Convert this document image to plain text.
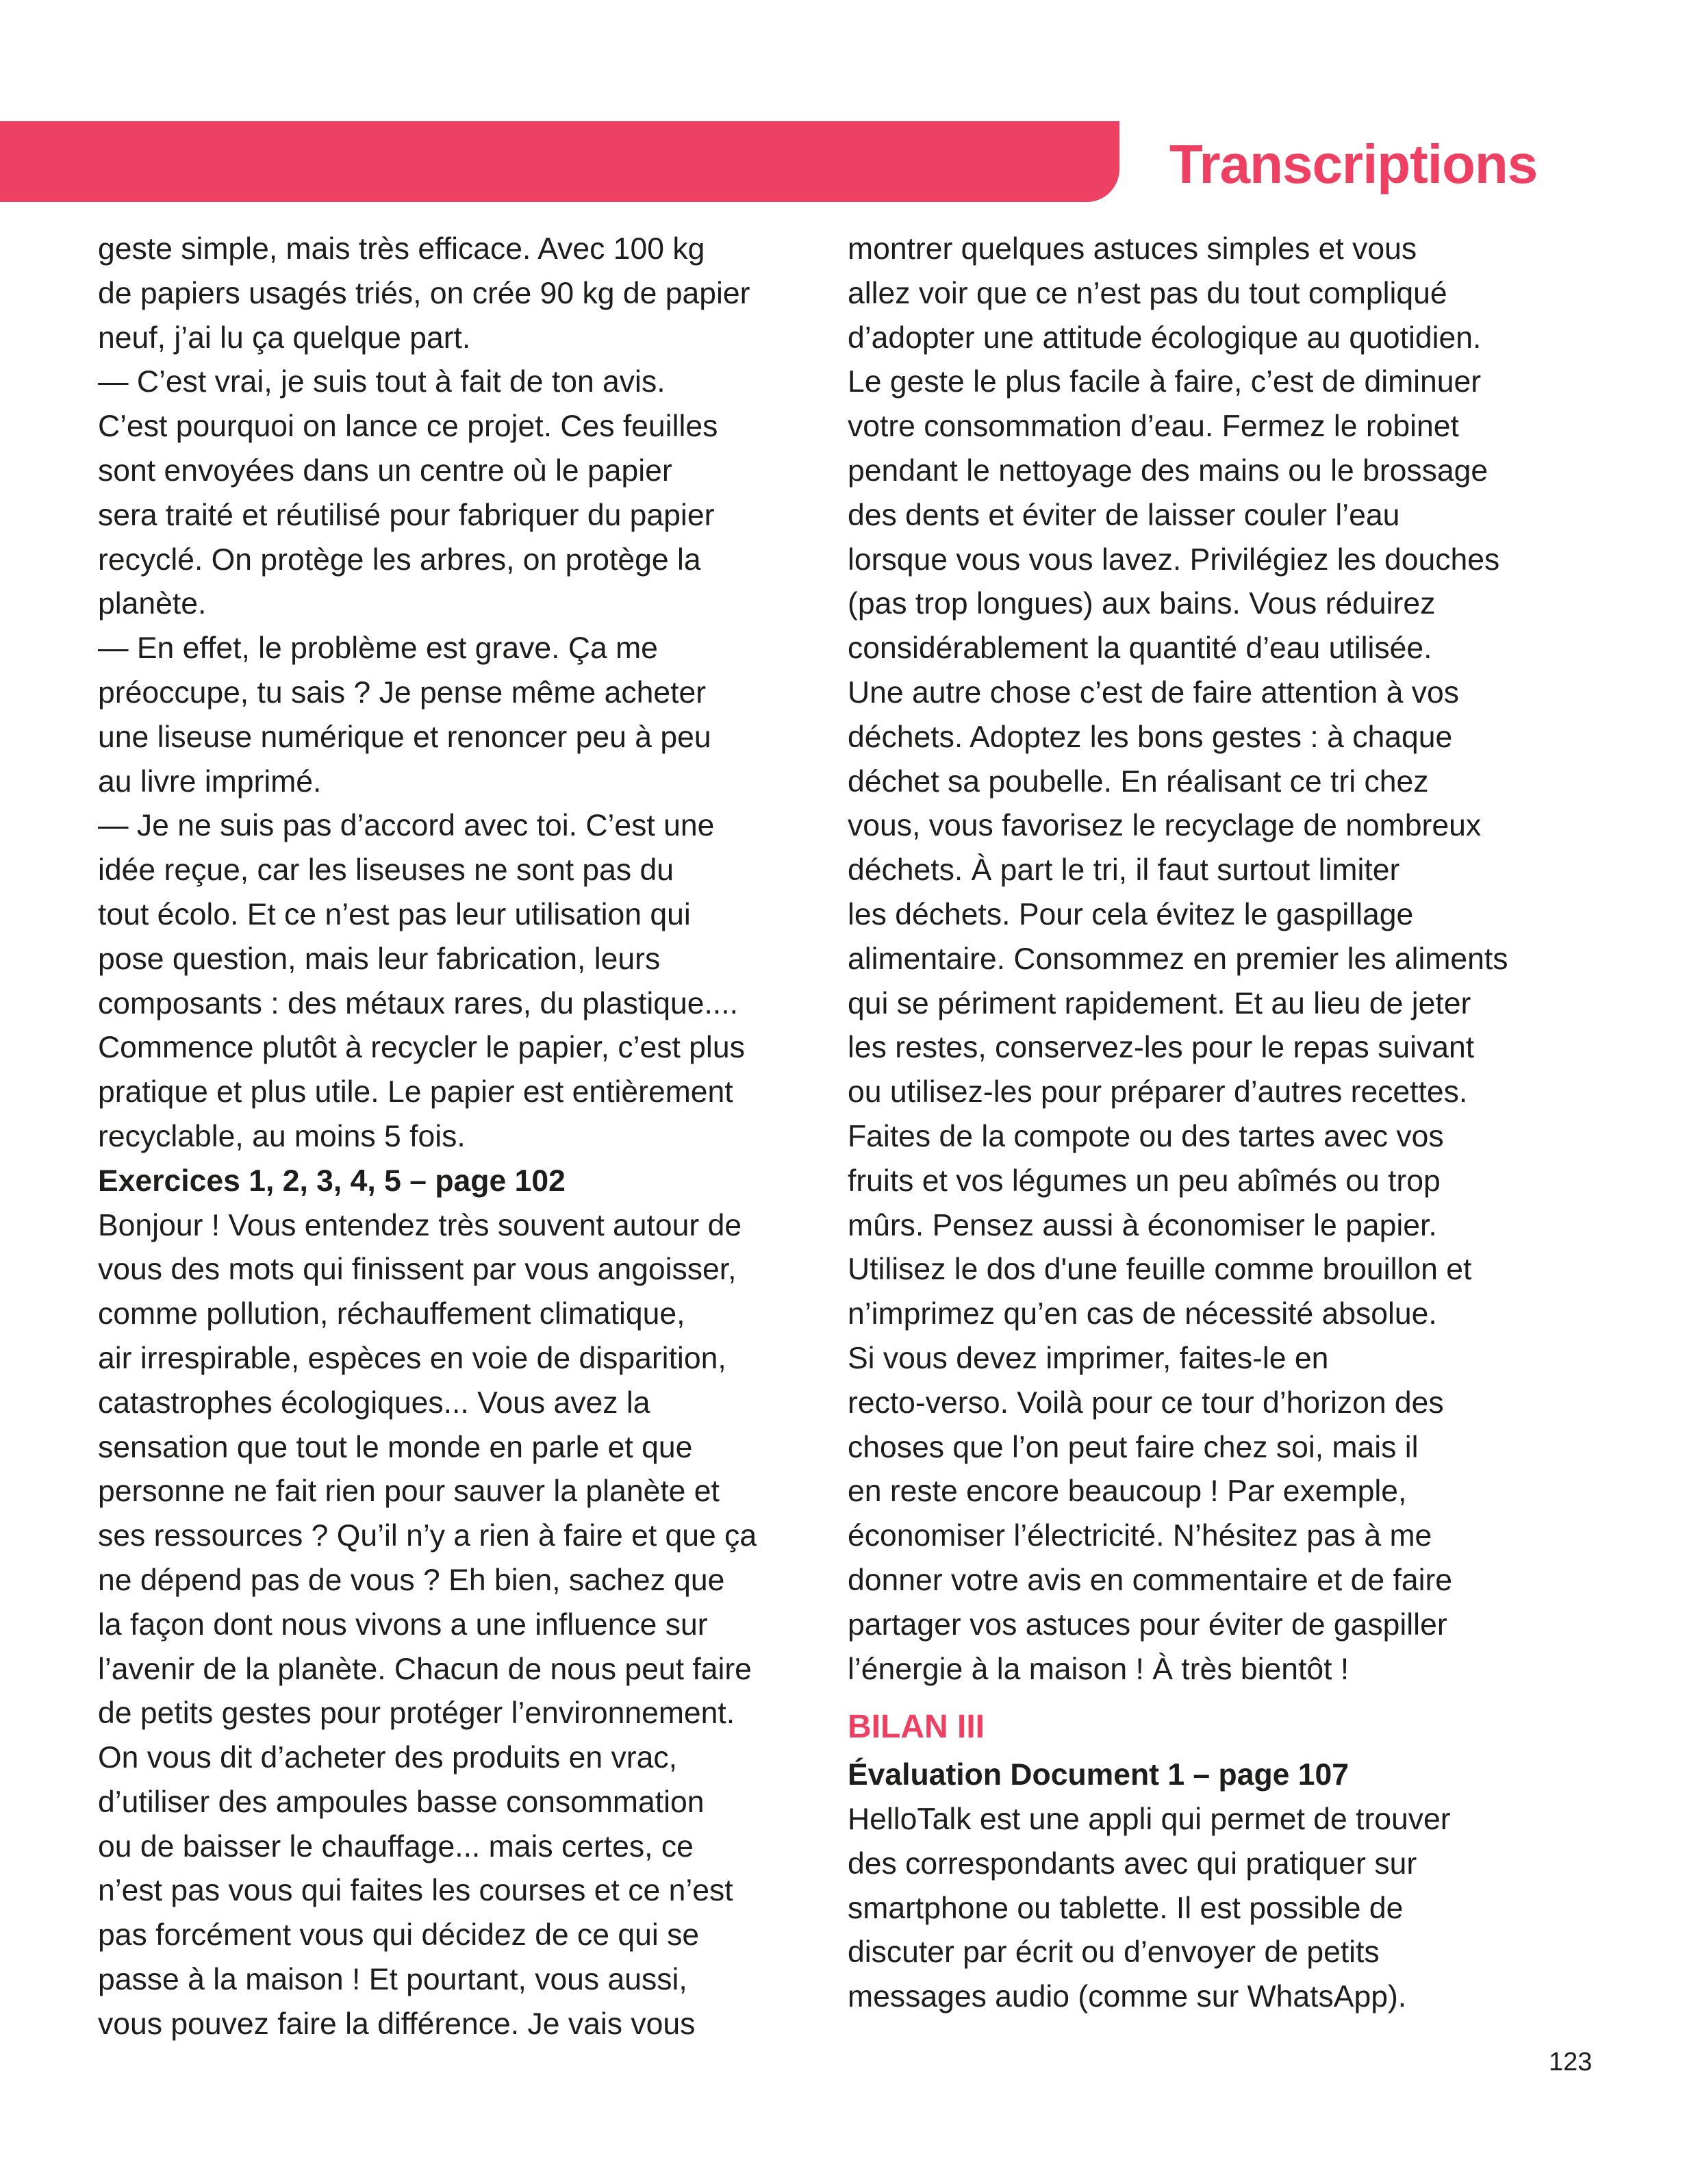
Transcriptions
geste simple, mais très efficace. Avec 100 kg
de papiers usagés triés, on crée 90 kg de papier
neuf, j’ai lu ça quelque part.
— C’est vrai, je suis tout à fait de ton avis.
C’est pourquoi on lance ce projet. Ces feuilles
sont envoyées dans un centre où le papier
sera traité et réutilisé pour fabriquer du papier
recyclé. On protège les arbres, on protège la
planète.
— En effet, le problème est grave. Ça me
préoccupe, tu sais ? Je pense même acheter
une liseuse numérique et renoncer peu à peu
au livre imprimé.
— Je ne suis pas d’accord avec toi. C’est une
idée reçue, car les liseuses ne sont pas du
tout écolo. Et ce n’est pas leur utilisation qui
pose question, mais leur fabrication, leurs
composants : des métaux rares, du plastique....
Commence plutôt à recycler le papier, c’est plus
pratique et plus utile. Le papier est entièrement
recyclable, au moins 5 fois.
Exercices 1, 2, 3, 4, 5 – page 102
Bonjour ! Vous entendez très souvent autour de
vous des mots qui finissent par vous angoisser,
comme pollution, réchauffement climatique,
air irrespirable, espèces en voie de disparition,
catastrophes écologiques... Vous avez la
sensation que tout le monde en parle et que
personne ne fait rien pour sauver la planète et
ses ressources ? Qu’il n’y a rien à faire et que ça
ne dépend pas de vous ? Eh bien, sachez que
la façon dont nous vivons a une influence sur
l’avenir de la planète. Chacun de nous peut faire
de petits gestes pour protéger l’environnement.
On vous dit d’acheter des produits en vrac,
d’utiliser des ampoules basse consommation
ou de baisser le chauffage... mais certes, ce
n’est pas vous qui faites les courses et ce n’est
pas forcément vous qui décidez de ce qui se
passe à la maison ! Et pourtant, vous aussi,
vous pouvez faire la différence. Je vais vous
montrer quelques astuces simples et vous
allez voir que ce n’est pas du tout compliqué
d’adopter une attitude écologique au quotidien.
Le geste le plus facile à faire, c’est de diminuer
votre consommation d’eau. Fermez le robinet
pendant le nettoyage des mains ou le brossage
des dents et éviter de laisser couler l’eau
lorsque vous vous lavez. Privilégiez les douches
(pas trop longues) aux bains. Vous réduirez
considérablement la quantité d’eau utilisée.
Une autre chose c’est de faire attention à vos
déchets. Adoptez les bons gestes : à chaque
déchet sa poubelle. En réalisant ce tri chez
vous, vous favorisez le recyclage de nombreux
déchets. À part le tri, il faut surtout limiter
les déchets. Pour cela évitez le gaspillage
alimentaire. Consommez en premier les aliments
qui se périment rapidement. Et au lieu de jeter
les restes, conservez-les pour le repas suivant
ou utilisez-les pour préparer d’autres recettes.
Faites de la compote ou des tartes avec vos
fruits et vos légumes un peu abîmés ou trop
mûrs. Pensez aussi à économiser le papier.
Utilisez le dos d'une feuille comme brouillon et
n’imprimez qu’en cas de nécessité absolue.
Si vous devez imprimer, faites-le en
recto-verso. Voilà pour ce tour d’horizon des
choses que l’on peut faire chez soi, mais il
en reste encore beaucoup ! Par exemple,
économiser l’électricité. N’hésitez pas à me
donner votre avis en commentaire et de faire
partager vos astuces pour éviter de gaspiller
l’énergie à la maison ! À très bientôt !
BILAN III
Évaluation Document 1 – page 107
HelloTalk est une appli qui permet de trouver
des correspondants avec qui pratiquer sur
smartphone ou tablette. Il est possible de
discuter par écrit ou d’envoyer de petits
messages audio (comme sur WhatsApp).
123
